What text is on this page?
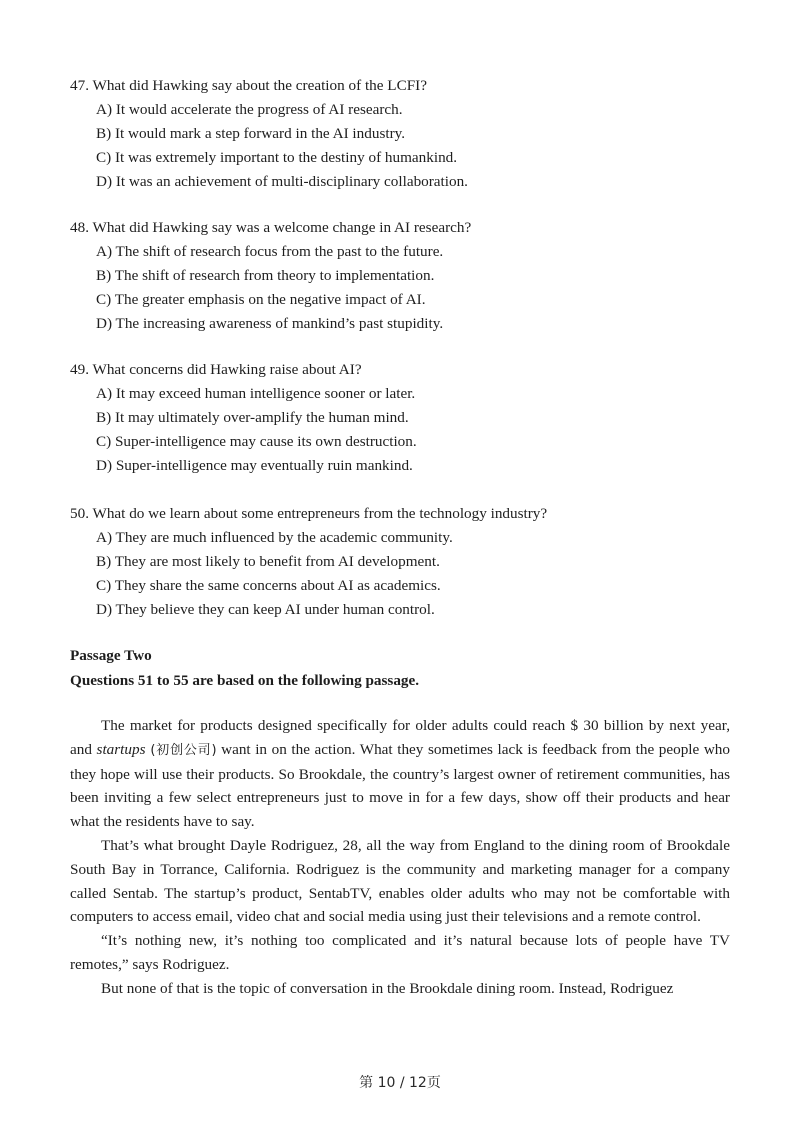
47. What did Hawking say about the creation of the LCFI?
A) It would accelerate the progress of AI research.
B) It would mark a step forward in the AI industry.
C) It was extremely important to the destiny of humankind.
D) It was an achievement of multi-disciplinary collaboration.
48. What did Hawking say was a welcome change in AI research?
A) The shift of research focus from the past to the future.
B) The shift of research from theory to implementation.
C) The greater emphasis on the negative impact of AI.
D) The increasing awareness of mankind’s past stupidity.
49. What concerns did Hawking raise about AI?
A) It may exceed human intelligence sooner or later.
B) It may ultimately over-amplify the human mind.
C) Super-intelligence may cause its own destruction.
D) Super-intelligence may eventually ruin mankind.
50. What do we learn about some entrepreneurs from the technology industry?
A) They are much influenced by the academic community.
B) They are most likely to benefit from AI development.
C) They share the same concerns about AI as academics.
D) They believe they can keep AI under human control.
Passage Two
Questions 51 to 55 are based on the following passage.

The market for products designed specifically for older adults could reach $ 30 billion by next year, and startups (初创公司) want in on the action. What they sometimes lack is feedback from the people who they hope will use their products. So Brookdale, the country’s largest owner of retirement communities, has been inviting a few select entrepreneurs just to move in for a few days, show off their products and hear what the residents have to say.

That’s what brought Dayle Rodriguez, 28, all the way from England to the dining room of Brookdale South Bay in Torrance, California. Rodriguez is the community and marketing manager for a company called Sentab. The startup’s product, SentabTV, enables older adults who may not be comfortable with computers to access email, video chat and social media using just their televisions and a remote control.

“It’s nothing new, it’s nothing too complicated and it’s natural because lots of people have TV remotes,” says Rodriguez.

But none of that is the topic of conversation in the Brookdale dining room. Instead, Rodriguez

第 10 / 12页
